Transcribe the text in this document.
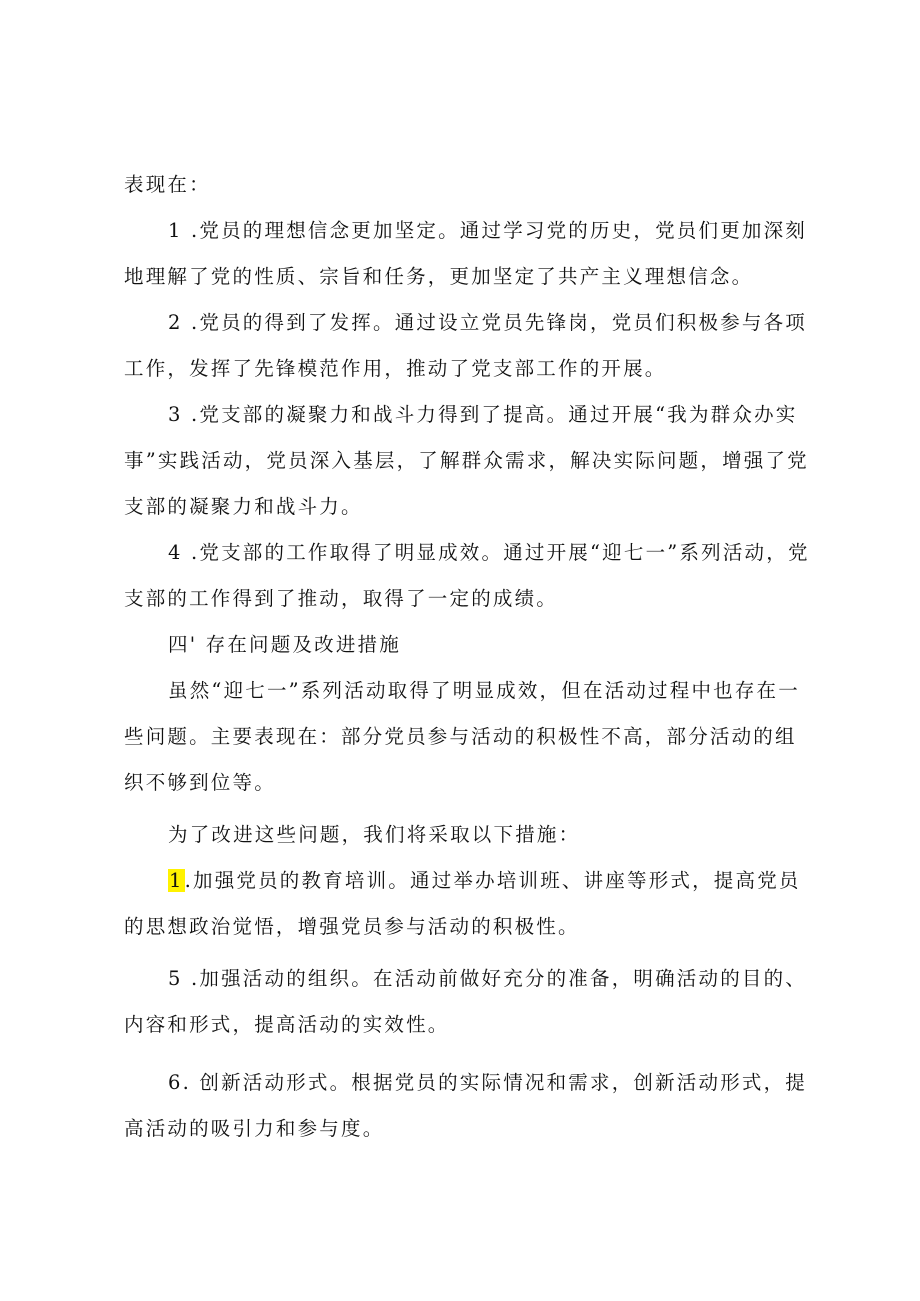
表现在：

1 .党员的理想信念更加坚定。通过学习党的历史，党员们更加深刻地理解了党的性质、宗旨和任务，更加坚定了共产主义理想信念。

2 .党员的得到了发挥。通过设立党员先锋岗，党员们积极参与各项工作，发挥了先锋模范作用，推动了党支部工作的开展。

3 .党支部的凝聚力和战斗力得到了提高。通过开展“我为群众办实事”实践活动，党员深入基层，了解群众需求，解决实际问题，增强了党支部的凝聚力和战斗力。

4 .党支部的工作取得了明显成效。通过开展“迎七一”系列活动，党支部的工作得到了推动，取得了一定的成绩。

四' 存在问题及改进措施

虽然“迎七一”系列活动取得了明显成效，但在活动过程中也存在一些问题。主要表现在：部分党员参与活动的积极性不高，部分活动的组织不够到位等。

为了改进这些问题，我们将采取以下措施：

1.加强党员的教育培训。通过举办培训班、讲座等形式，提高党员的思想政治觉悟，增强党员参与活动的积极性。

5 .加强活动的组织。在活动前做好充分的准备，明确活动的目的、内容和形式，提高活动的实效性。

6. 创新活动形式。根据党员的实际情况和需求，创新活动形式，提高活动的吸引力和参与度。
